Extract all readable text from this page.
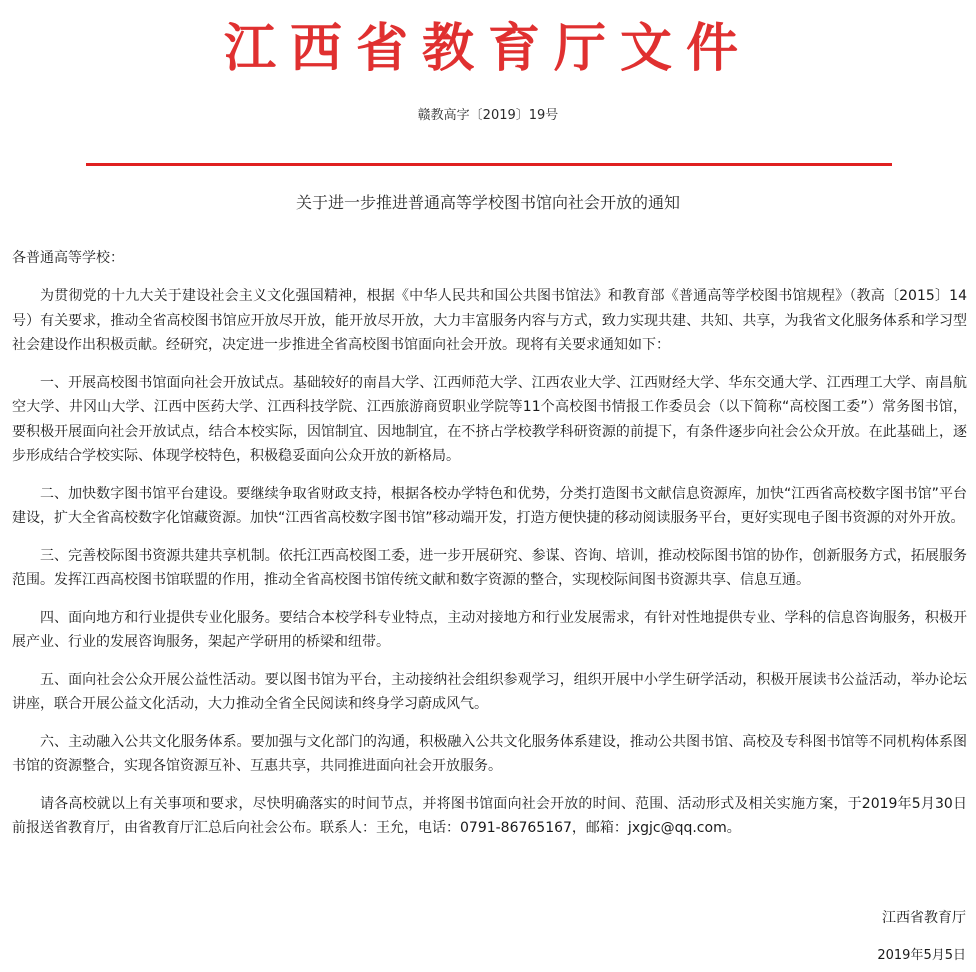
江西省教育厅文件
赣教高字〔2019〕19号
关于进一步推进普通高等学校图书馆向社会开放的通知
各普通高等学校：

为贯彻党的十九大关于建设社会主义文化强国精神，根据《中华人民共和国公共图书馆法》和教育部《普通高等学校图书馆规程》（教高〔2015〕14号）有关要求，推动全省高校图书馆应开放尽开放，能开放尽开放，大力丰富服务内容与方式，致力实现共建、共知、共享，为我省文化服务体系和学习型社会建设作出积极贡献。经研究，决定进一步推进全省高校图书馆面向社会开放。现将有关要求通知如下：

一、开展高校图书馆面向社会开放试点。基础较好的南昌大学、江西师范大学、江西农业大学、江西财经大学、华东交通大学、江西理工大学、南昌航空大学、井冈山大学、江西中医药大学、江西科技学院、江西旅游商贸职业学院等11个高校图书情报工作委员会（以下简称“高校图工委”）常务图书馆，要积极开展面向社会开放试点，结合本校实际，因馆制宜、因地制宜，在不挤占学校教学科研资源的前提下，有条件逐步向社会公众开放。在此基础上，逐步形成结合学校实际、体现学校特色，积极稳妥面向公众开放的新格局。

二、加快数字图书馆平台建设。要继续争取省财政支持，根据各校办学特色和优势，分类打造图书文献信息资源库，加快“江西省高校数字图书馆”平台建设，扩大全省高校数字化馆藏资源。加快“江西省高校数字图书馆”移动端开发，打造方便快捷的移动阅读服务平台，更好实现电子图书资源的对外开放。

三、完善校际图书资源共建共享机制。依托江西高校图工委，进一步开展研究、参谋、咨询、培训，推动校际图书馆的协作，创新服务方式，拓展服务范围。发挥江西高校图书馆联盟的作用，推动全省高校图书馆传统文献和数字资源的整合，实现校际间图书资源共享、信息互通。

四、面向地方和行业提供专业化服务。要结合本校学科专业特点，主动对接地方和行业发展需求，有针对性地提供专业、学科的信息咨询服务，积极开展产业、行业的发展咨询服务，架起产学研用的桥梁和纽带。

五、面向社会公众开展公益性活动。要以图书馆为平台，主动接纳社会组织参观学习，组织开展中小学生研学活动，积极开展读书公益活动，举办论坛讲座，联合开展公益文化活动，大力推动全省全民阅读和终身学习蔚成风气。

六、主动融入公共文化服务体系。要加强与文化部门的沟通，积极融入公共文化服务体系建设，推动公共图书馆、高校及专科图书馆等不同机构体系图书馆的资源整合，实现各馆资源互补、互惠共享，共同推进面向社会开放服务。

请各高校就以上有关事项和要求，尽快明确落实的时间节点，并将图书馆面向社会开放的时间、范围、活动形式及相关实施方案，于2019年5月30日前报送省教育厅，由省教育厅汇总后向社会公布。联系人：王允，电话：0791-86765167，邮箱：jxgjc@qq.com。

江西省教育厅
2019年5月5日
